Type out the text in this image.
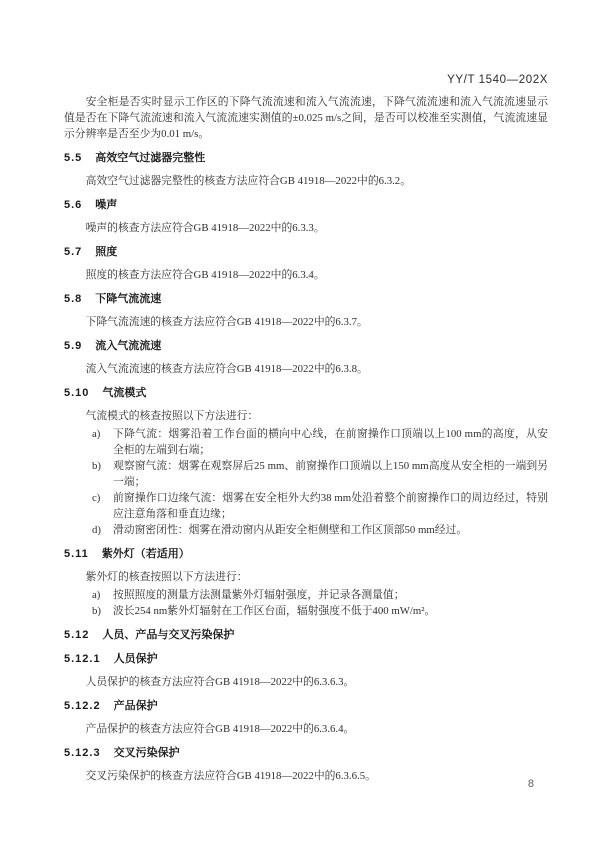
YY/T 1540—202X

安全柜是否实时显示工作区的下降气流流速和流入气流流速，下降气流流速和流入气流流速显示值是否在下降气流流速和流入气流流速实测值的±0.025 m/s之间，是否可以校准至实测值，气流流速显示分辨率是否至少为0.01 m/s。

5.5 高效空气过滤器完整性

高效空气过滤器完整性的核查方法应符合GB 41918—2022中的6.3.2。

5.6 噪声

噪声的核查方法应符合GB 41918—2022中的6.3.3。

5.7 照度

照度的核查方法应符合GB 41918—2022中的6.3.4。

5.8 下降气流流速

下降气流流速的核查方法应符合GB 41918—2022中的6.3.7。

5.9 流入气流流速

流入气流流速的核查方法应符合GB 41918—2022中的6.3.8。

5.10 气流模式

气流模式的核查按照以下方法进行：

a)	下降气流：烟雾沿着工作台面的横向中心线，在前窗操作口顶端以上100 mm的高度，从安全柜的左端到右端；
b)	观察窗气流：烟雾在观察屏后25 mm、前窗操作口顶端以上150 mm高度从安全柜的一端到另一端；
c)	前窗操作口边缘气流：烟雾在安全柜外大约38 mm处沿着整个前窗操作口的周边经过，特别应注意角落和垂直边缘；
d)	滑动窗密闭性：烟雾在滑动窗内从距安全柜侧壁和工作区顶部50 mm经过。
5.11 紫外灯（若适用）

紫外灯的核查按照以下方法进行：

a)	按照照度的测量方法测量紫外灯辐射强度，并记录各测量值；
b)	波长254 nm紫外灯辐射在工作区台面，辐射强度不低于400 mW/m²。
5.12 人员、产品与交叉污染保护
5.12.1 人员保护

人员保护的核查方法应符合GB 41918—2022中的6.3.6.3。

5.12.2 产品保护

产品保护的核查方法应符合GB 41918—2022中的6.3.6.4。

5.12.3 交叉污染保护

交叉污染保护的核查方法应符合GB 41918—2022中的6.3.6.5。

8
